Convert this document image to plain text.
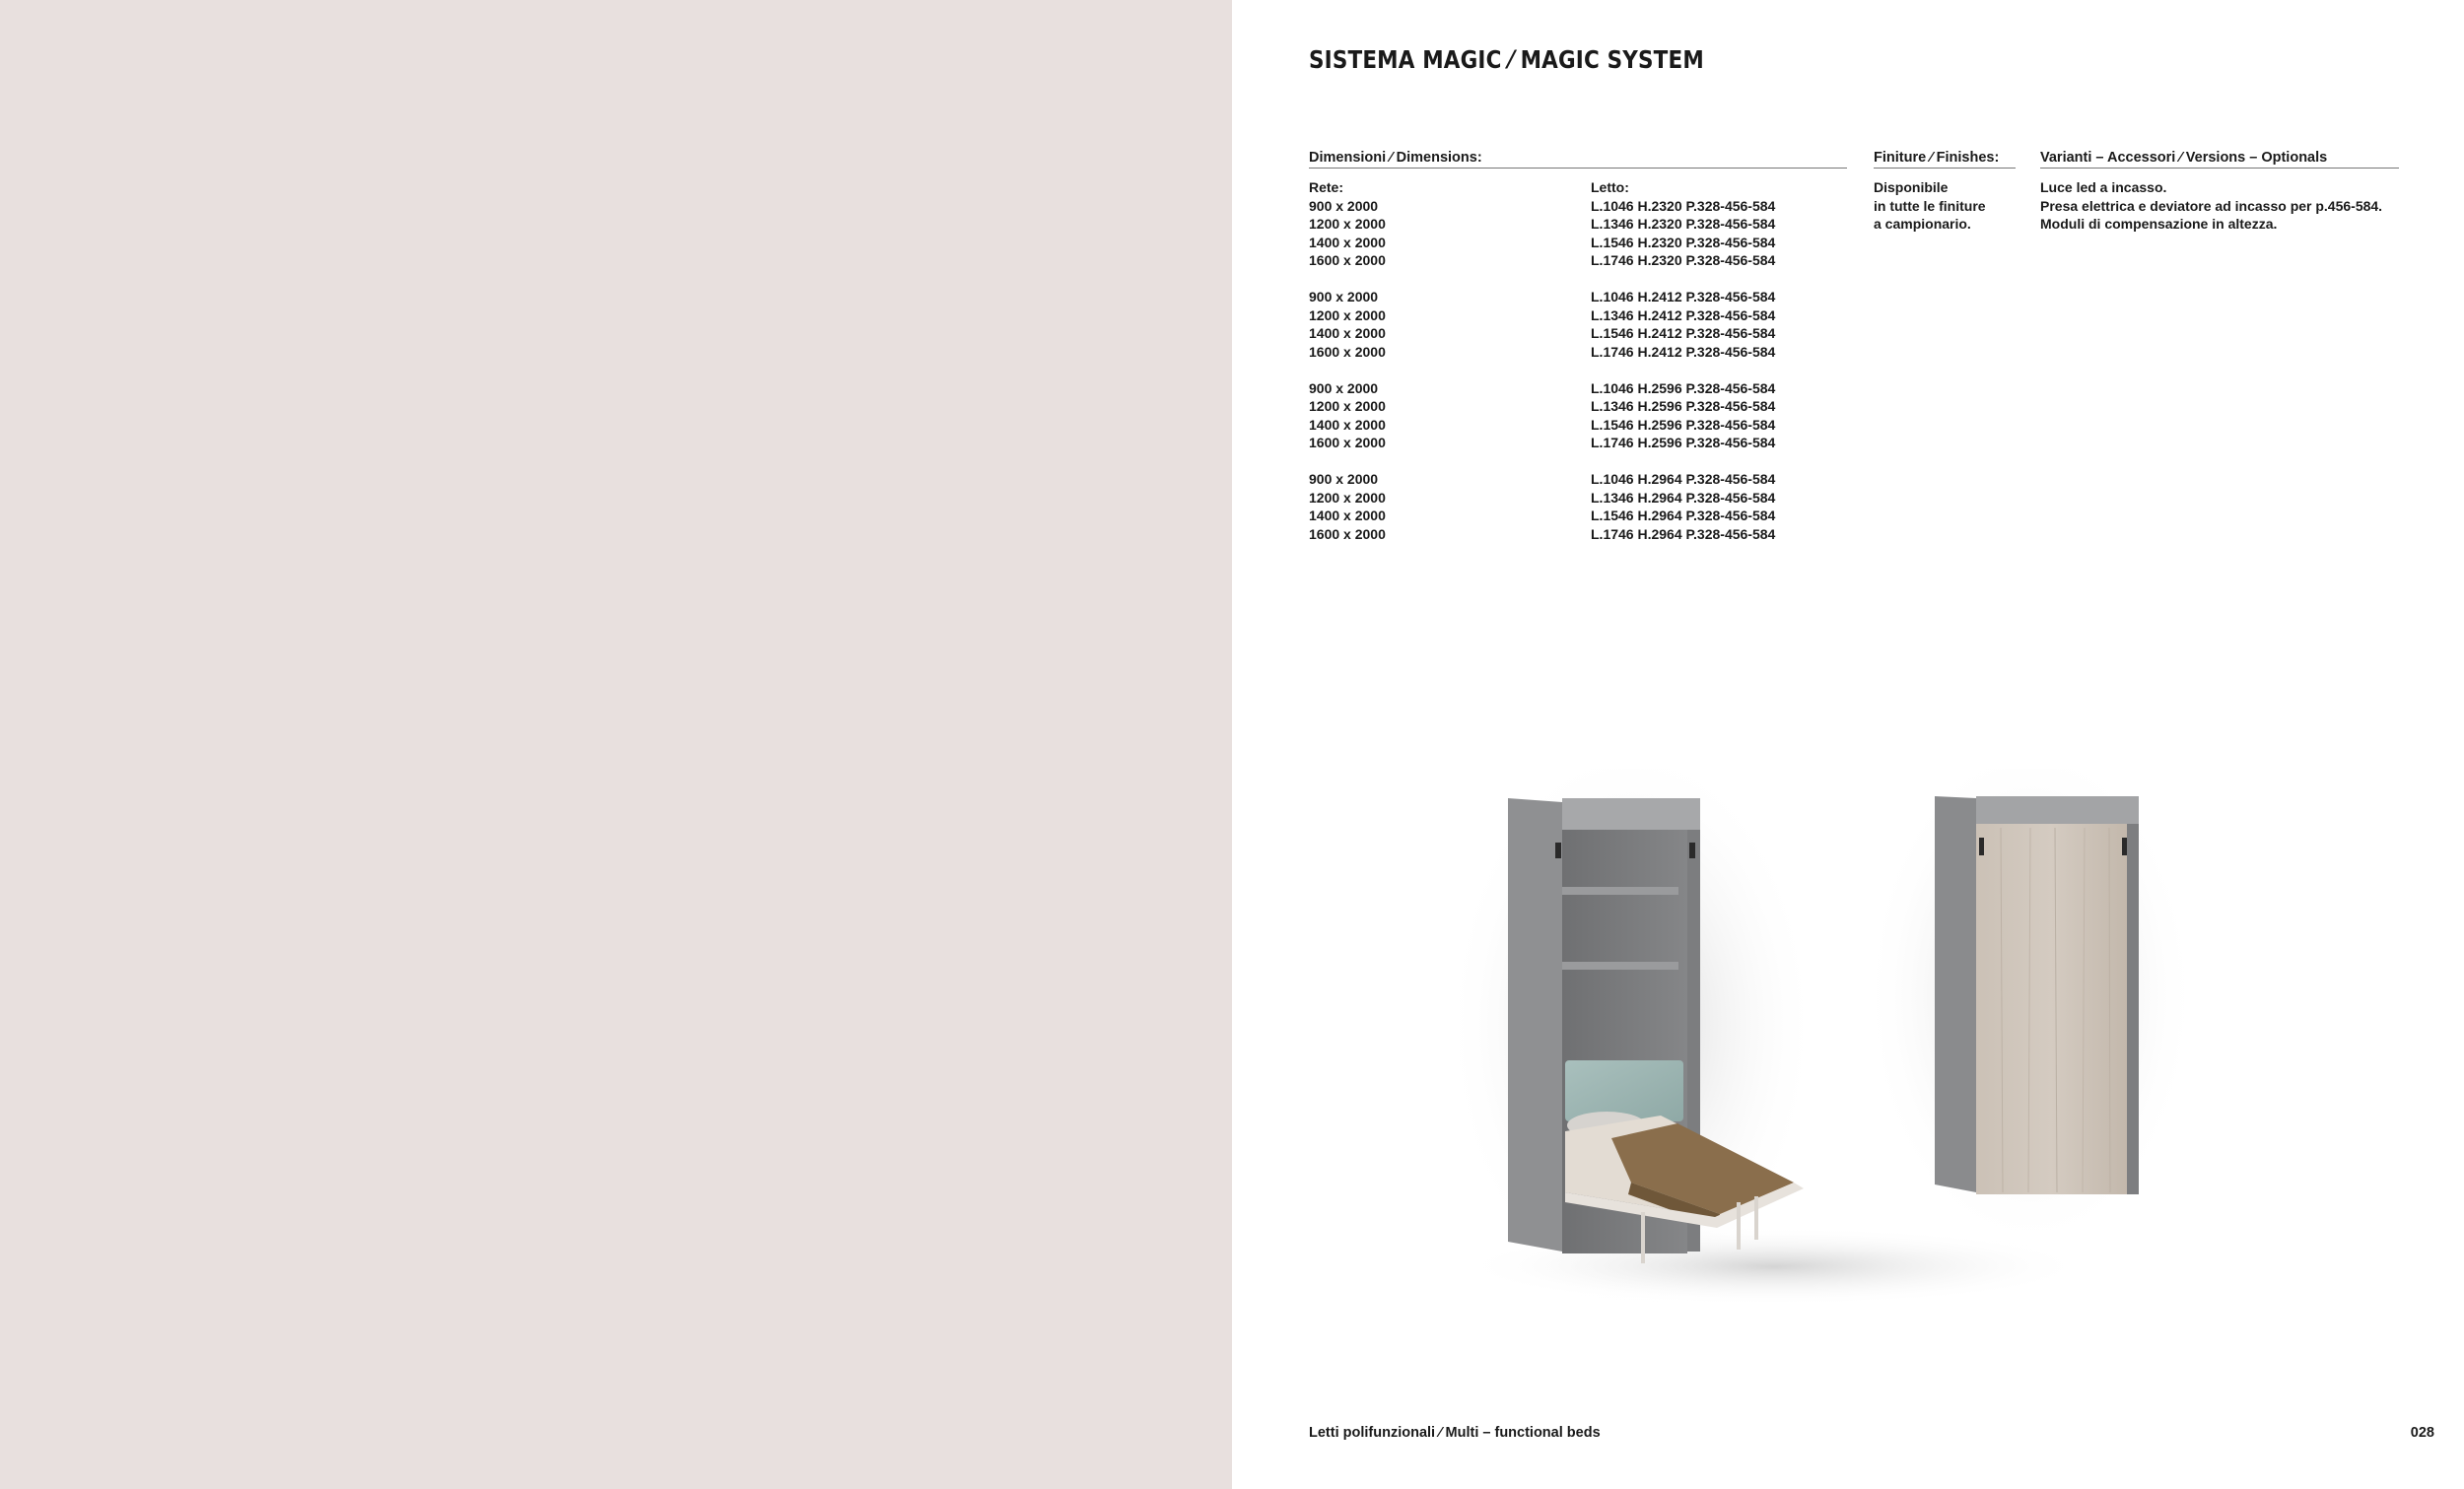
SISTEMA MAGIC ⁄ MAGIC SYSTEM
Dimensioni ⁄ Dimensions:
Rete:
900 x 2000
1200 x 2000
1400 x 2000
1600 x 2000
900 x 2000
1200 x 2000
1400 x 2000
1600 x 2000
900 x 2000
1200 x 2000
1400 x 2000
1600 x 2000
900 x 2000
1200 x 2000
1400 x 2000
1600 x 2000
Letto:
L.1046 H.2320 P.328-456-584
L.1346 H.2320 P.328-456-584
L.1546 H.2320 P.328-456-584
L.1746 H.2320 P.328-456-584
L.1046 H.2412 P.328-456-584
L.1346 H.2412 P.328-456-584
L.1546 H.2412 P.328-456-584
L.1746 H.2412 P.328-456-584
L.1046 H.2596 P.328-456-584
L.1346 H.2596 P.328-456-584
L.1546 H.2596 P.328-456-584
L.1746 H.2596 P.328-456-584
L.1046 H.2964 P.328-456-584
L.1346 H.2964 P.328-456-584
L.1546 H.2964 P.328-456-584
L.1746 H.2964 P.328-456-584
Finiture ⁄ Finishes:
Disponibile
in tutte le finiture
a campionario.
Varianti – Accessori ⁄ Versions – Optionals
Luce led a incasso.
Presa elettrica e deviatore ad incasso per p.456-584.
Moduli di compensazione in altezza.
Letti polifunzionali ⁄ Multi – functional beds	028
